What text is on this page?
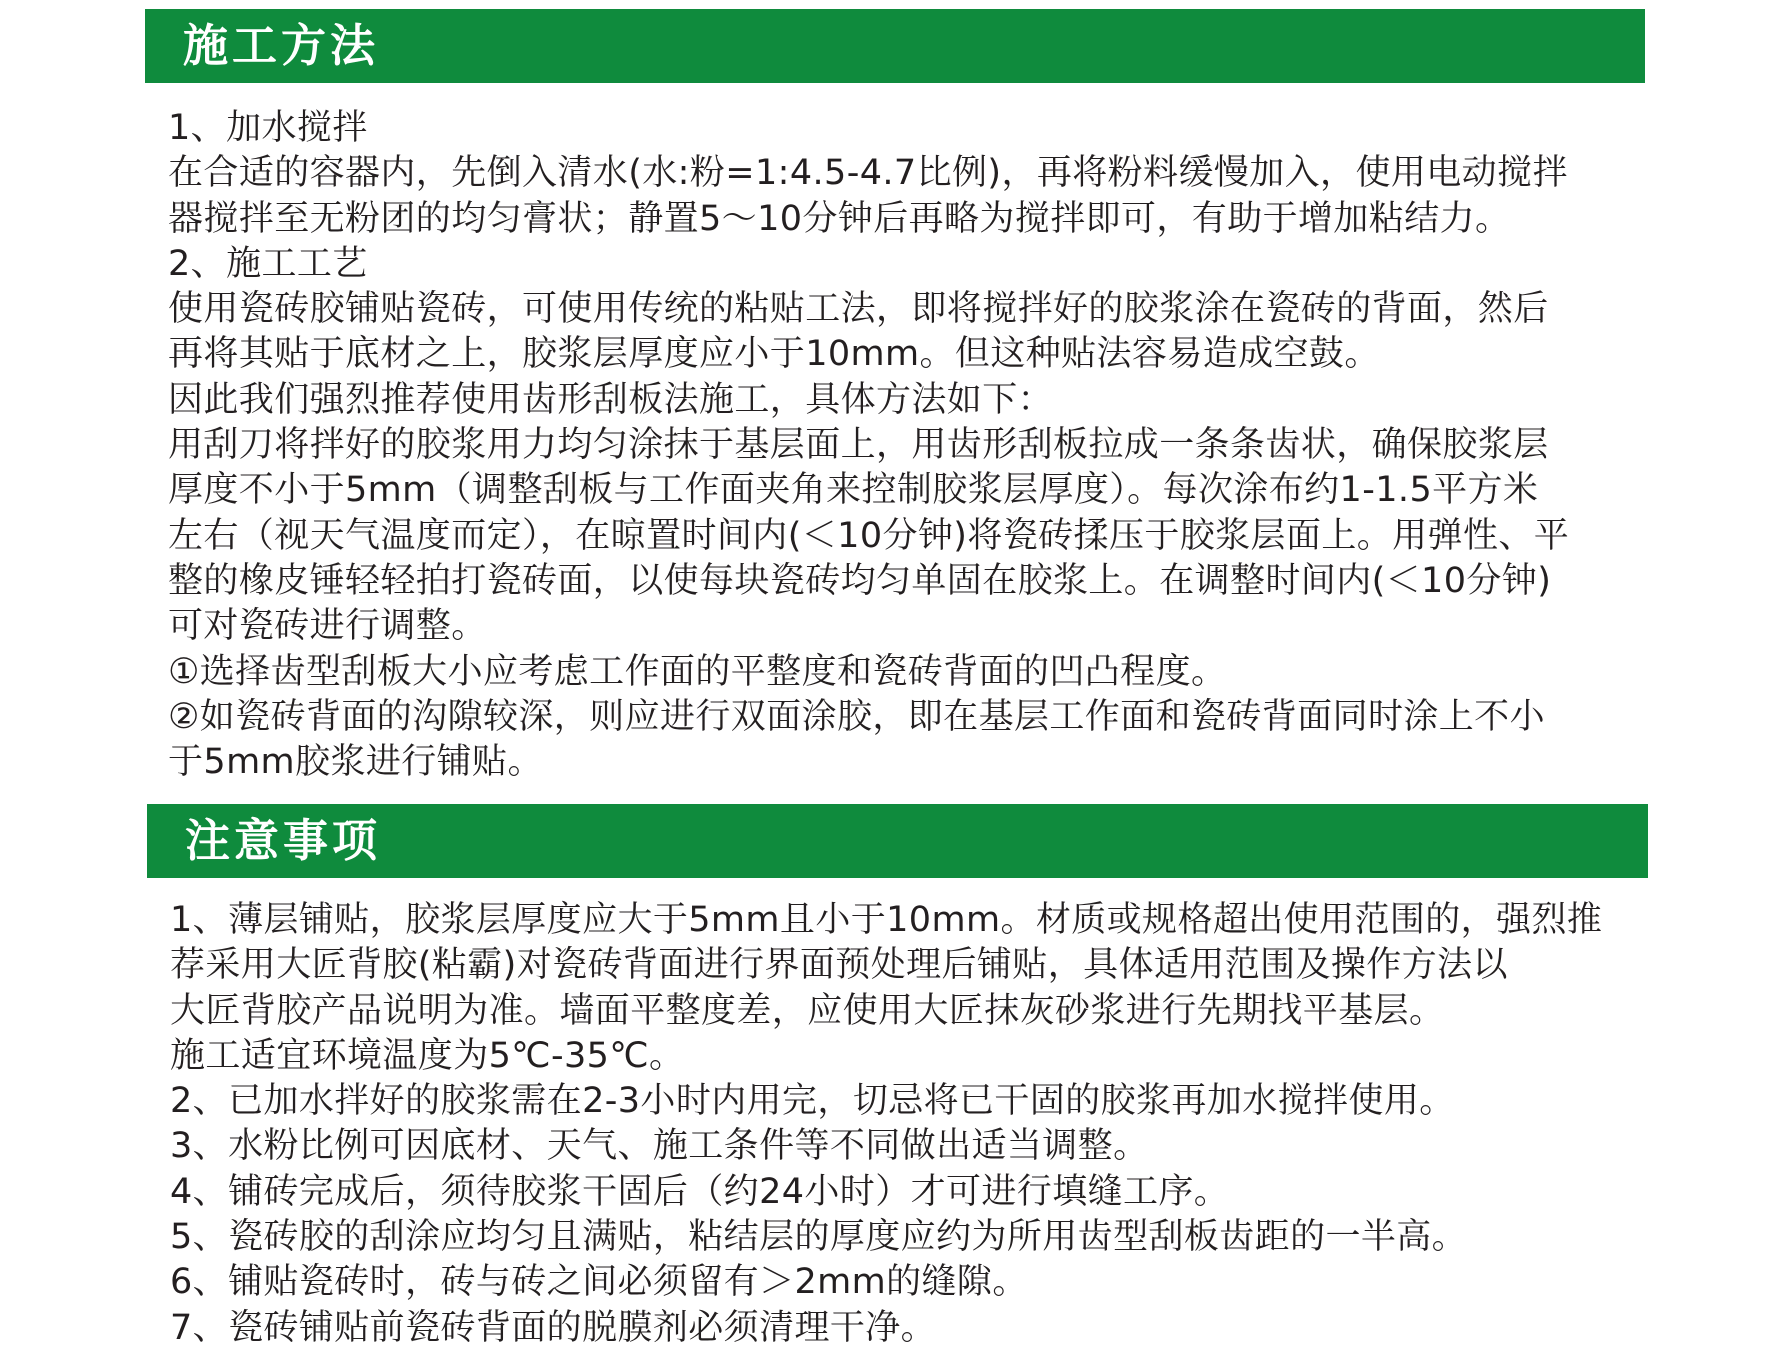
施工方法
1、加水搅拌
在合适的容器内，先倒入清水(水:粉=1:4.5-4.7比例)，再将粉料缓慢加入，使用电动搅拌
器搅拌至无粉团的均匀膏状；静置5～10分钟后再略为搅拌即可，有助于增加粘结力。
2、施工工艺
使用瓷砖胶铺贴瓷砖，可使用传统的粘贴工法，即将搅拌好的胶浆涂在瓷砖的背面，然后
再将其贴于底材之上，胶浆层厚度应小于10mm。但这种贴法容易造成空鼓。
因此我们强烈推荐使用齿形刮板法施工，具体方法如下：
用刮刀将拌好的胶浆用力均匀涂抹于基层面上，用齿形刮板拉成一条条齿状，确保胶浆层
厚度不小于5mm（调整刮板与工作面夹角来控制胶浆层厚度）。每次涂布约1-1.5平方米
左右（视天气温度而定），在晾置时间内(＜10分钟)将瓷砖揉压于胶浆层面上。用弹性、平
整的橡皮锤轻轻拍打瓷砖面，以使每块瓷砖均匀单固在胶浆上。在调整时间内(＜10分钟)
可对瓷砖进行调整。
①选择齿型刮板大小应考虑工作面的平整度和瓷砖背面的凹凸程度。
②如瓷砖背面的沟隙较深，则应进行双面涂胶，即在基层工作面和瓷砖背面同时涂上不小
于5mm胶浆进行铺贴。
注意事项
1、薄层铺贴，胶浆层厚度应大于5mm且小于10mm。材质或规格超出使用范围的，强烈推
荐采用大匠背胶(粘霸)对瓷砖背面进行界面预处理后铺贴，具体适用范围及操作方法以
大匠背胶产品说明为准。墙面平整度差，应使用大匠抹灰砂浆进行先期找平基层。
施工适宜环境温度为5℃-35℃。
2、已加水拌好的胶浆需在2-3小时内用完，切忌将已干固的胶浆再加水搅拌使用。
3、水粉比例可因底材、天气、施工条件等不同做出适当调整。
4、铺砖完成后，须待胶浆干固后（约24小时）才可进行填缝工序。
5、瓷砖胶的刮涂应均匀且满贴，粘结层的厚度应约为所用齿型刮板齿距的一半高。
6、铺贴瓷砖时，砖与砖之间必须留有＞2mm的缝隙。
7、瓷砖铺贴前瓷砖背面的脱膜剂必须清理干净。
